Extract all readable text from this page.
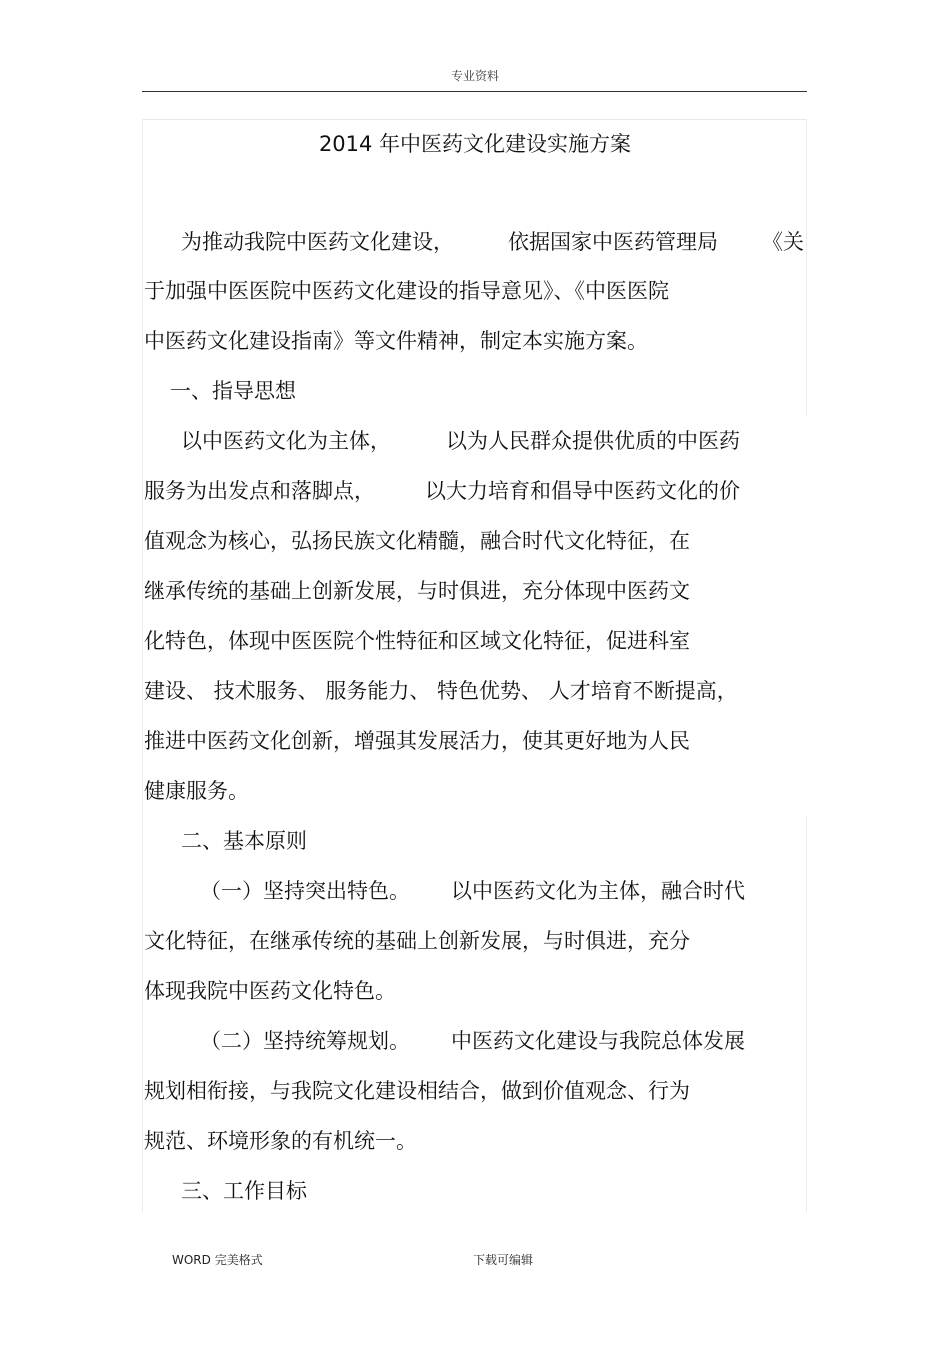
专业资料
2014 年中医药文化建设实施方案
为推动我院中医药文化建设，	依据国家中医药管理局 《关
于加强中医医院中医药文化建设的指导意见》、《中医医院
中医药文化建设指南》等文件精神，制定本实施方案。
一、指导思想
以中医药文化为主体，	以为人民群众提供优质的中医药
服务为出发点和落脚点， 以大力培育和倡导中医药文化的价
值观念为核心，弘扬民族文化精髓，融合时代文化特征，在
继承传统的基础上创新发展，与时俱进，充分体现中医药文
化特色，体现中医医院个性特征和区域文化特征，促进科室
建设、 技术服务、 服务能力、 特色优势、 人才培育不断提高，
推进中医药文化创新，增强其发展活力，使其更好地为人民
健康服务。
二、基本原则
（一）坚持突出特色。 以中医药文化为主体，融合时代
文化特征，在继承传统的基础上创新发展，与时俱进，充分
体现我院中医药文化特色。
（二）坚持统筹规划。 中医药文化建设与我院总体发展
规划相衔接，与我院文化建设相结合，做到价值观念、行为
规范、环境形象的有机统一。
三、工作目标
WORD 完美格式	下载可编辑
